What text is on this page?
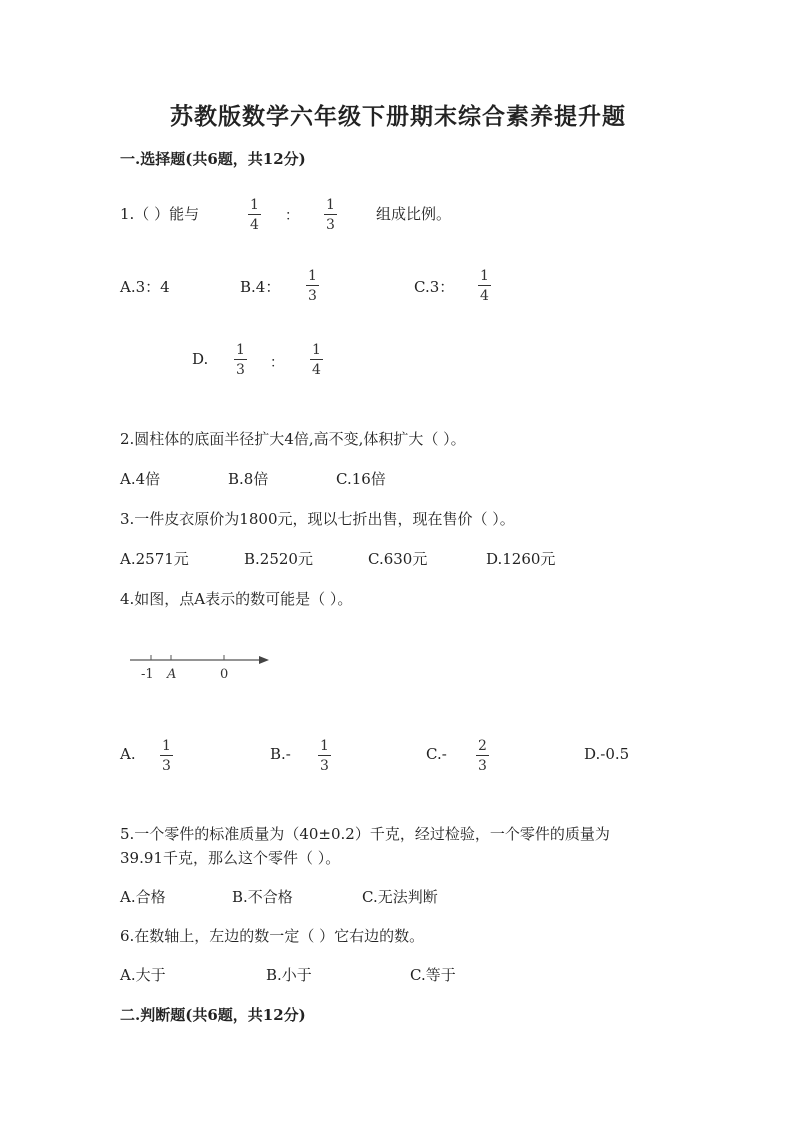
苏教版数学六年级下册期末综合素养提升题
一.选择题(共6题，共12分)
1.（ ）能与	$\frac{1}{4}$ ： $\frac{1}{3}$	组成比例。
A.3：4	B.4： $\frac{1}{3}$	C.3： $\frac{1}{4}$
D. $\frac{1}{3}$ ： $\frac{1}{4}$
2.圆柱体的底面半径扩大4倍,高不变,体积扩大（ ）。
A.4倍	B.8倍	C.16倍
3.一件皮衣原价为1800元，现以七折出售，现在售价（ ）。
A.2571元	B.2520元	C.630元	D.1260元
4.如图，点A表示的数可能是（ ）。
-1 A	0
A. $\frac{1}{3}$	$B.- \frac{1}{3}$	$C.- \frac{2}{3}$	D.-0.5
5.一个零件的标准质量为（40±0.2）千克，经过检验，一个零件的质量为
39.91千克，那么这个零件（ ）。
A.合格	B.不合格	C.无法判断
6.在数轴上，左边的数一定（ ）它右边的数。
A.大于	B.小于	C.等于
二.判断题(共6题，共12分)
